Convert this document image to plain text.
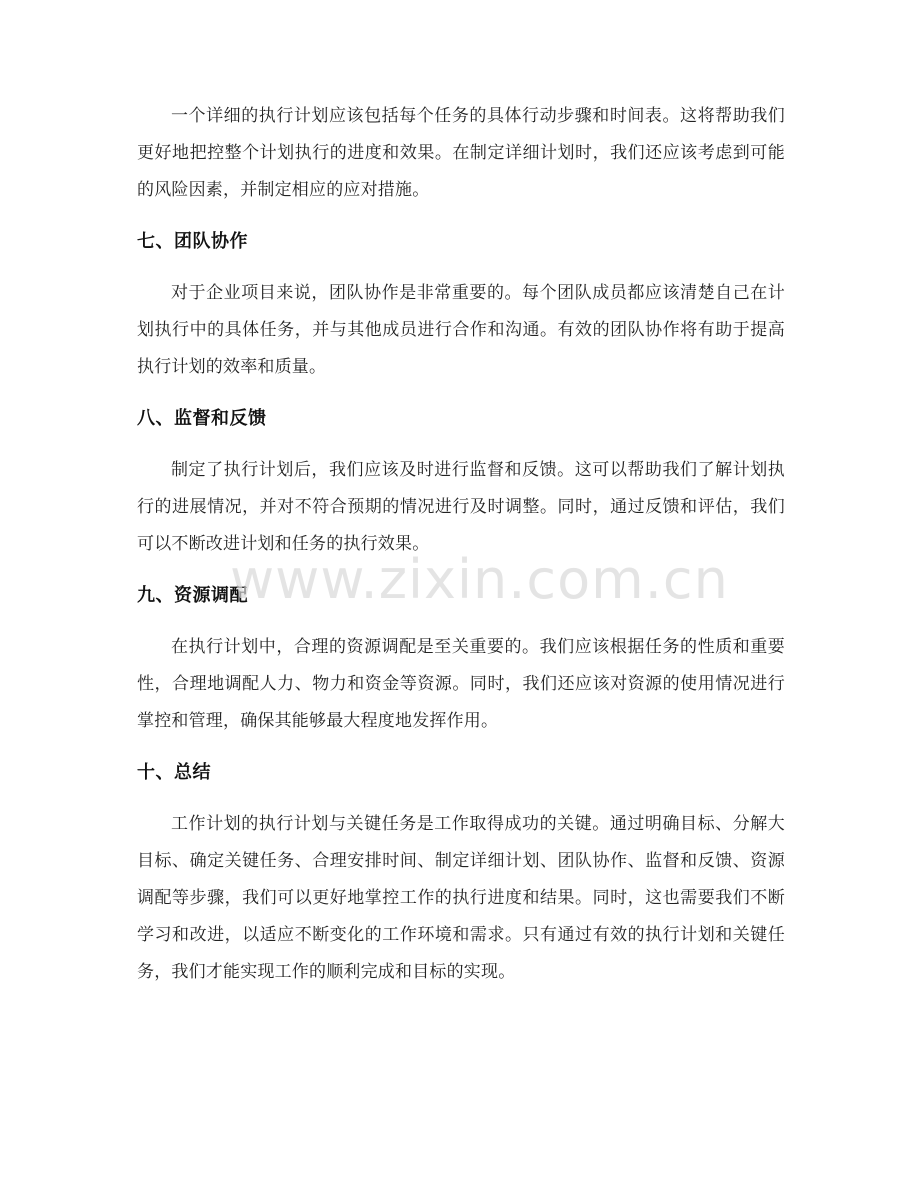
一个详细的执行计划应该包括每个任务的具体行动步骤和时间表。这将帮助我们更好地把控整个计划执行的进度和效果。在制定详细计划时，我们还应该考虑到可能的风险因素，并制定相应的应对措施。

七、团队协作

对于企业项目来说，团队协作是非常重要的。每个团队成员都应该清楚自己在计划执行中的具体任务，并与其他成员进行合作和沟通。有效的团队协作将有助于提高执行计划的效率和质量。

八、监督和反馈

制定了执行计划后，我们应该及时进行监督和反馈。这可以帮助我们了解计划执行的进展情况，并对不符合预期的情况进行及时调整。同时，通过反馈和评估，我们可以不断改进计划和任务的执行效果。

九、资源调配

在执行计划中，合理的资源调配是至关重要的。我们应该根据任务的性质和重要性，合理地调配人力、物力和资金等资源。同时，我们还应该对资源的使用情况进行掌控和管理，确保其能够最大程度地发挥作用。

十、总结

工作计划的执行计划与关键任务是工作取得成功的关键。通过明确目标、分解大目标、确定关键任务、合理安排时间、制定详细计划、团队协作、监督和反馈、资源调配等步骤，我们可以更好地掌控工作的执行进度和结果。同时，这也需要我们不断学习和改进，以适应不断变化的工作环境和需求。只有通过有效的执行计划和关键任务，我们才能实现工作的顺利完成和目标的实现。

www.zixin.com.cn
